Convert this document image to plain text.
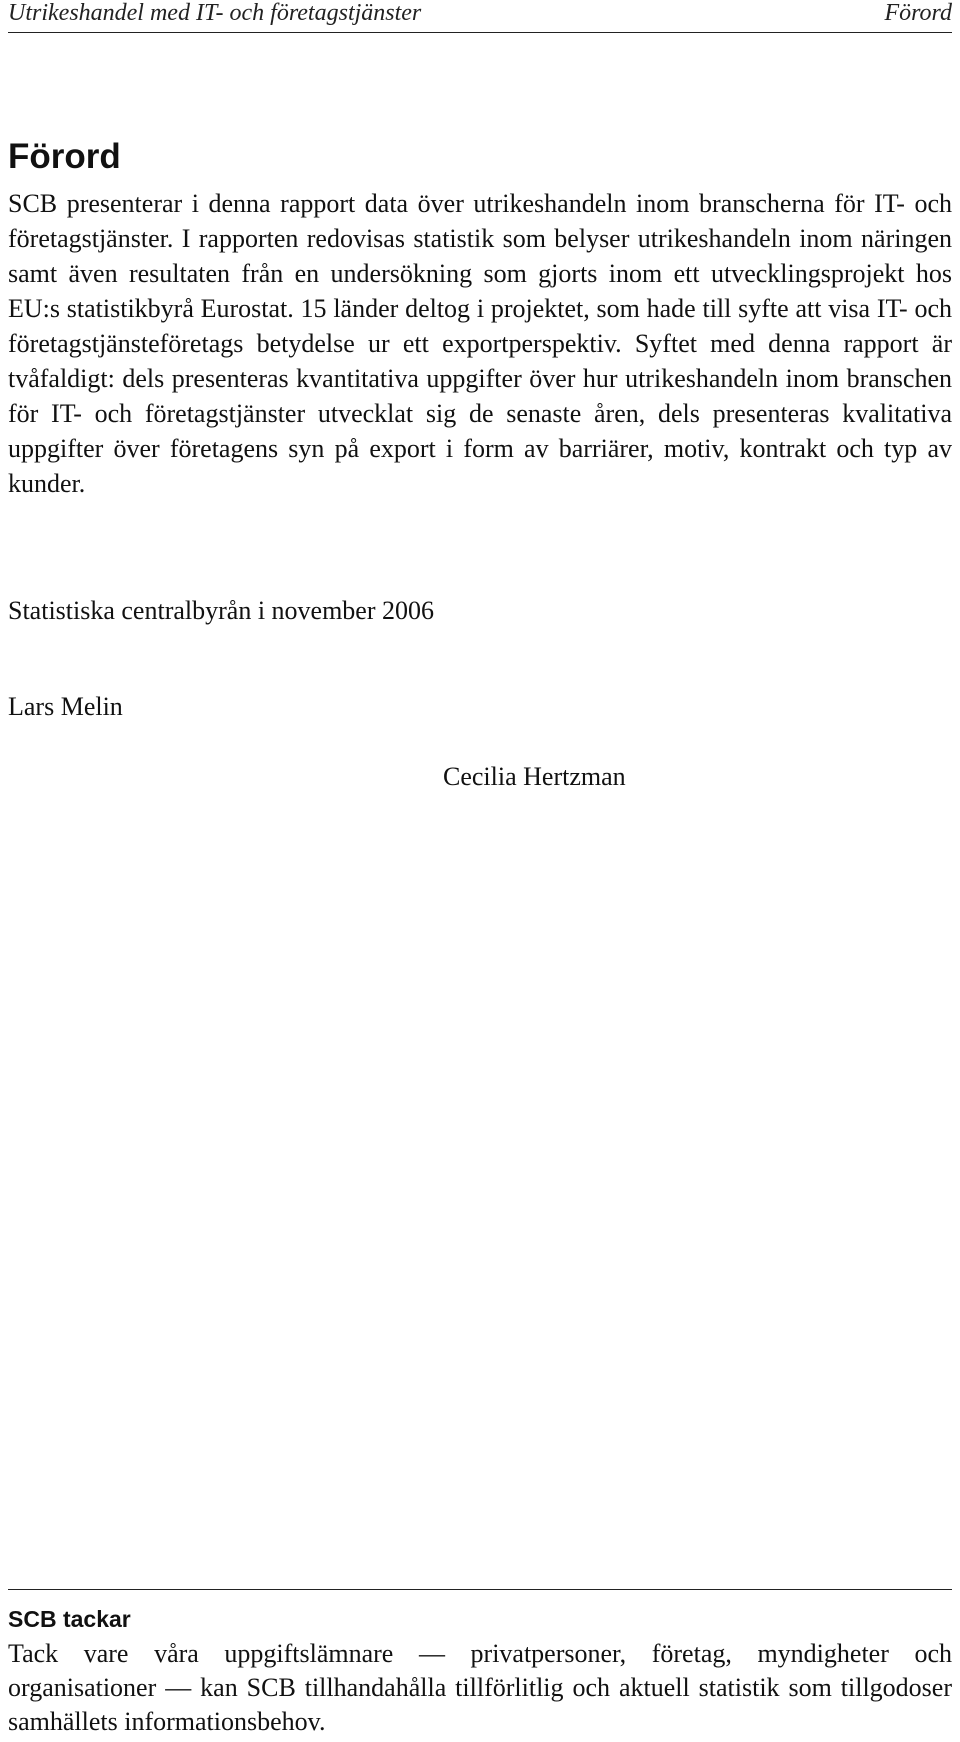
Utrikeshandel med IT- och företagstjänster	Förord
Förord

SCB presenterar i denna rapport data över utrikeshandeln inom branscherna för IT- och företagstjänster. I rapporten redovisas statistik som belyser utrikeshandeln inom näringen samt även resultaten från en undersökning som gjorts inom ett utvecklingsprojekt hos EU:s statistikbyrå Eurostat. 15 länder deltog i projektet, som hade till syfte att visa IT- och företagstjänsteföretags betydelse ur ett exportperspektiv. Syftet med denna rapport är tvåfaldigt: dels presenteras kvantitativa uppgifter över hur utrikeshandeln inom branschen för IT- och företagstjänster utvecklat sig de senaste åren, dels presenteras kvalitativa uppgifter över företagens syn på export i form av barriärer, motiv, kontrakt och typ av kunder.

Statistiska centralbyrån i november 2006

Lars Melin

Cecilia Hertzman

SCB tackar

Tack vare våra uppgiftslämnare — privatpersoner, företag, myndigheter och organisationer — kan SCB tillhandahålla tillförlitlig och aktuell statistik som tillgodoser samhällets informationsbehov.
